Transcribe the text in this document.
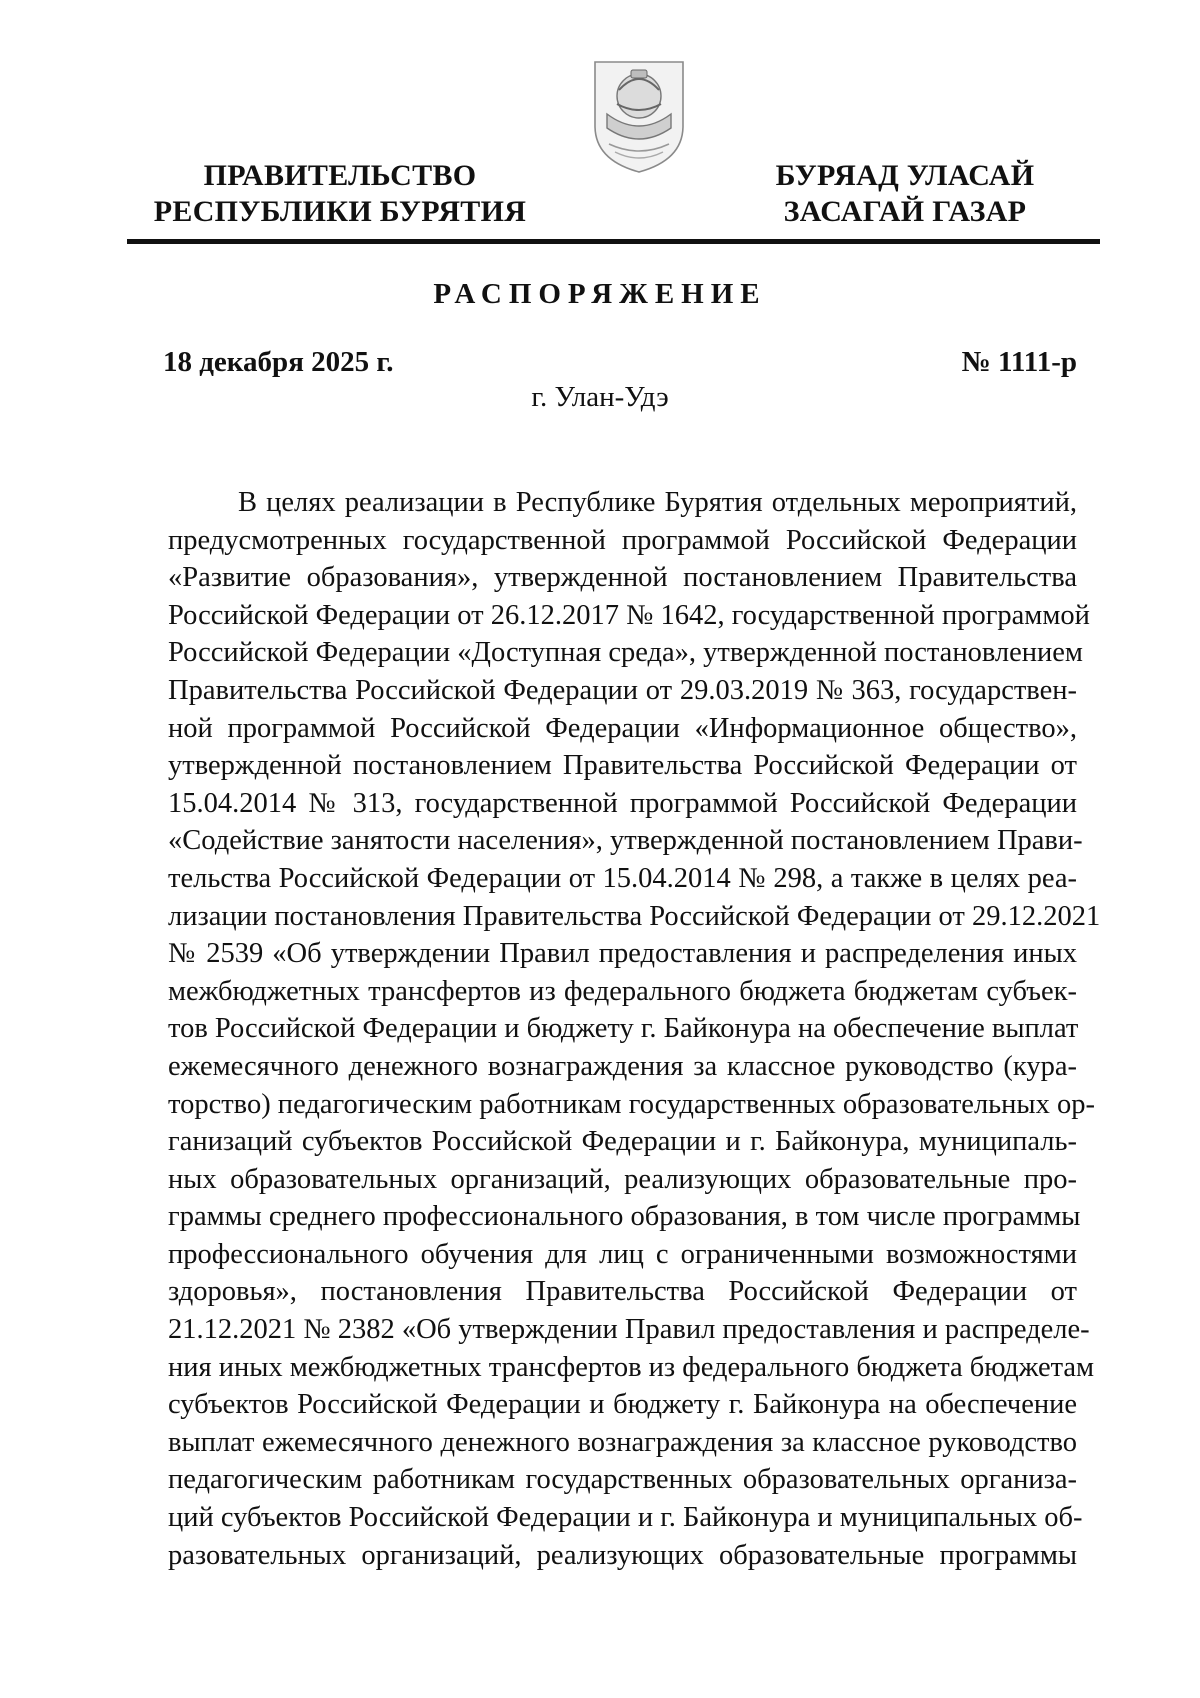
ПРАВИТЕЛЬСТВО
РЕСПУБЛИКИ БУРЯТИЯ
БУРЯАД УЛАСАЙ
ЗАСАГАЙ ГАЗАР
РАСПОРЯЖЕНИЕ
18 декабря 2025 г.	№ 1111-р
г. Улан-Удэ
В целях реализации в Республике Бурятия отдельных мероприятий,
предусмотренных государственной программой Российской Федерации
«Развитие образования», утвержденной постановлением Правительства
Российской Федерации от 26.12.2017 № 1642, государственной программой
Российской Федерации «Доступная среда», утвержденной постановлением
Правительства Российской Федерации от 29.03.2019 № 363, государствен-
ной программой Российской Федерации «Информационное общество»,
утвержденной постановлением Правительства Российской Федерации от
15.04.2014 № 313, государственной программой Российской Федерации
«Содействие занятости населения», утвержденной постановлением Прави-
тельства Российской Федерации от 15.04.2014 № 298, а также в целях реа-
лизации постановления Правительства Российской Федерации от 29.12.2021
№ 2539 «Об утверждении Правил предоставления и распределения иных
межбюджетных трансфертов из федерального бюджета бюджетам субъек-
тов Российской Федерации и бюджету г. Байконура на обеспечение выплат
ежемесячного денежного вознаграждения за классное руководство (кура-
торство) педагогическим работникам государственных образовательных ор-
ганизаций субъектов Российской Федерации и г. Байконура, муниципаль-
ных образовательных организаций, реализующих образовательные про-
граммы среднего профессионального образования, в том числе программы
профессионального обучения для лиц с ограниченными возможностями
здоровья», постановления Правительства Российской Федерации от
21.12.2021 № 2382 «Об утверждении Правил предоставления и распределе-
ния иных межбюджетных трансфертов из федерального бюджета бюджетам
субъектов Российской Федерации и бюджету г. Байконура на обеспечение
выплат ежемесячного денежного вознаграждения за классное руководство
педагогическим работникам государственных образовательных организа-
ций субъектов Российской Федерации и г. Байконура и муниципальных об-
разовательных организаций, реализующих образовательные программы
